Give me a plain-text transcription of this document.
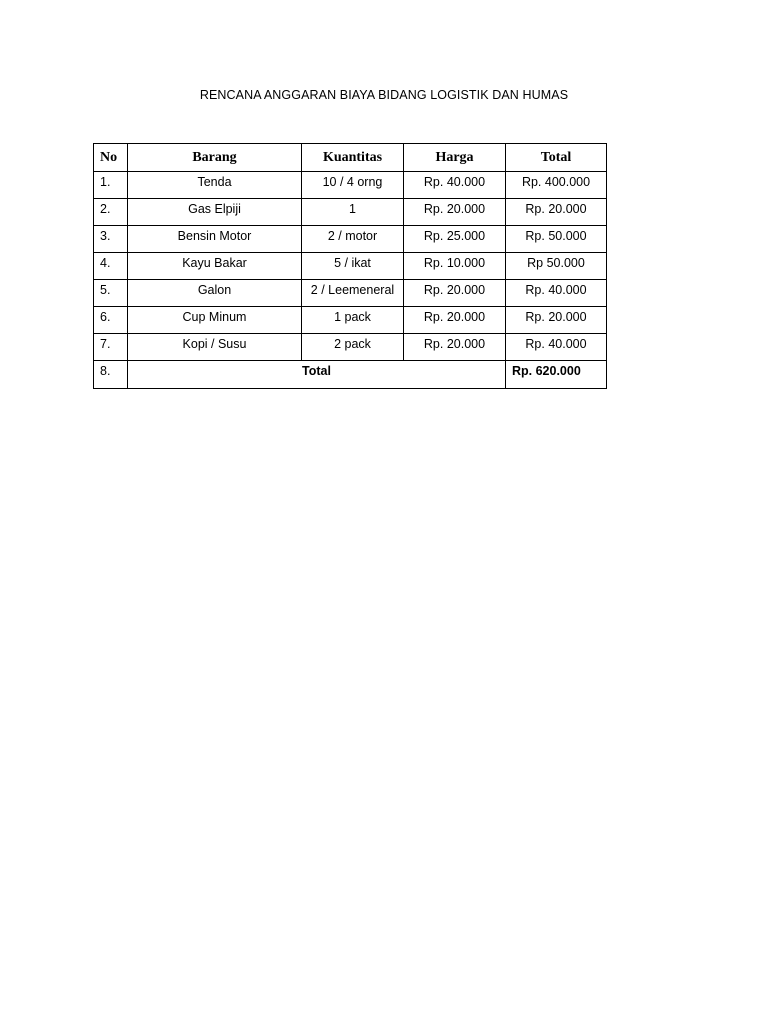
RENCANA ANGGARAN BIAYA BIDANG LOGISTIK DAN HUMAS
No	Barang	Kuantitas	Harga	Total
1.	Tenda	10 / 4 orng	Rp. 40.000	Rp. 400.000
2.	Gas Elpiji	1	Rp. 20.000	Rp. 20.000
3.	Bensin Motor	2 / motor	Rp. 25.000	Rp. 50.000
4.	Kayu Bakar	5 / ikat	Rp. 10.000	Rp 50.000
5.	Galon	2 / Leemeneral	Rp. 20.000	Rp. 40.000
6.	Cup Minum	1 pack	Rp. 20.000	Rp. 20.000
7.	Kopi / Susu	2 pack	Rp. 20.000	Rp. 40.000
8.	Total			Rp. 620.000
